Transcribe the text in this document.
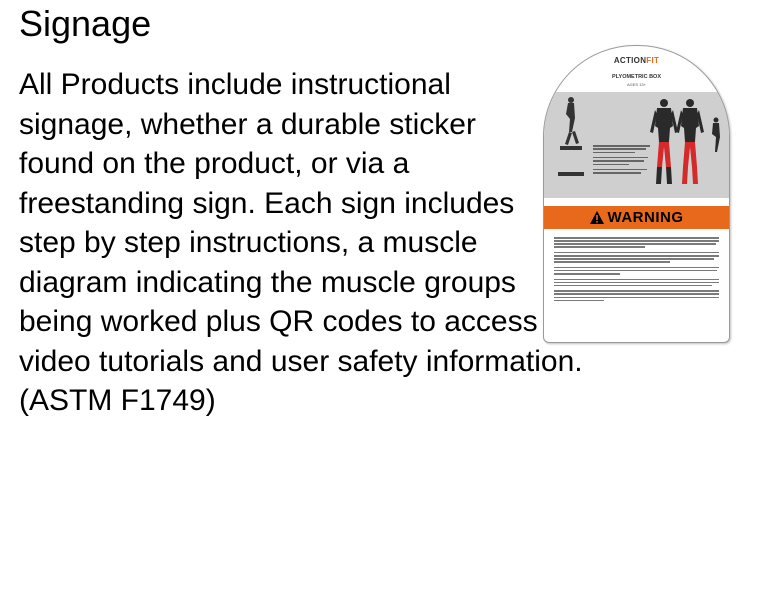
Signage

All Products include instructional
signage, whether a durable sticker
found on the product, or via a
freestanding sign. Each sign includes
step by step instructions, a muscle
diagram indicating the muscle groups
being worked plus QR codes to access
video tutorials and user safety information.
(ASTM F1749)

ACTIONFIT
PLYOMETRIC BOX
AGES 13+
WARNING
